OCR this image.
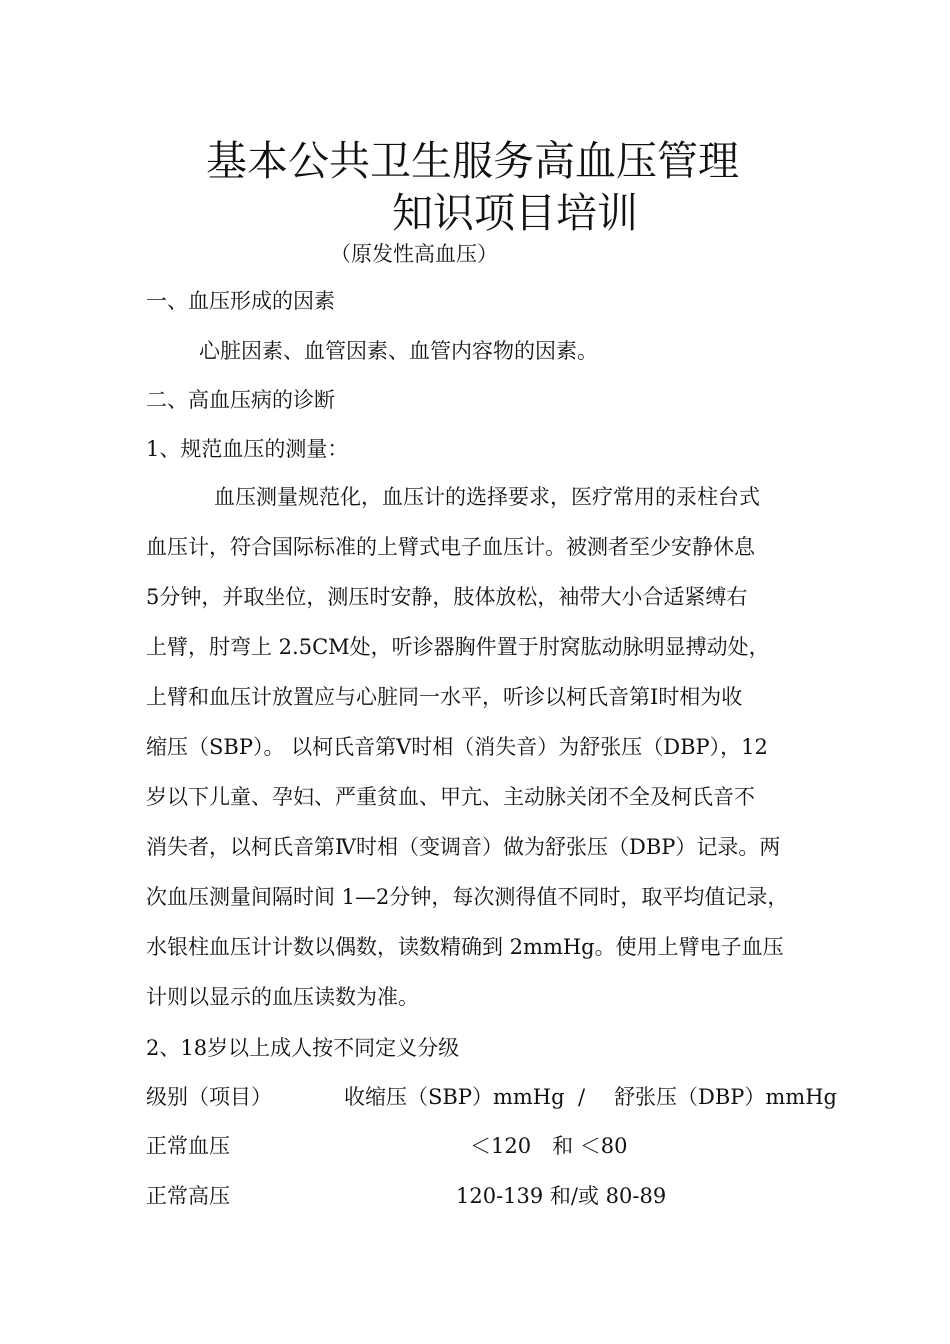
基本公共卫生服务高血压管理
知识项目培训
（原发性高血压）
一、血压形成的因素
心脏因素、血管因素、血管内容物的因素。
二、高血压病的诊断
1、规范血压的测量：
血压测量规范化，血压计的选择要求，医疗常用的汞柱台式
血压计，符合国际标准的上臂式电子血压计。被测者至少安静休息
5分钟，并取坐位，测压时安静，肢体放松，袖带大小合适紧缚右
上臂，肘弯上 2.5CM处，听诊器胸件置于肘窝肱动脉明显搏动处，
上臂和血压计放置应与心脏同一水平，听诊以柯氏音第Ⅰ时相为收
缩压（SBP）。 以柯氏音第Ⅴ时相（消失音）为舒张压（DBP），12
岁以下儿童、孕妇、严重贫血、甲亢、主动脉关闭不全及柯氏音不
消失者，以柯氏音第Ⅳ时相（变调音）做为舒张压（DBP）记录。两
次血压测量间隔时间 1—2分钟，每次测得值不同时，取平均值记录，
水银柱血压计计数以偶数，读数精确到 2mmHg。使用上臂电子血压
计则以显示的血压读数为准。
2、18岁以上成人按不同定义分级
级别（项目）	收缩压（SBP）mmHg / 舒张压（DBP）mmHg
正常血压	＜120　和 ＜80
正常高压	120-139 和/或 80-89
